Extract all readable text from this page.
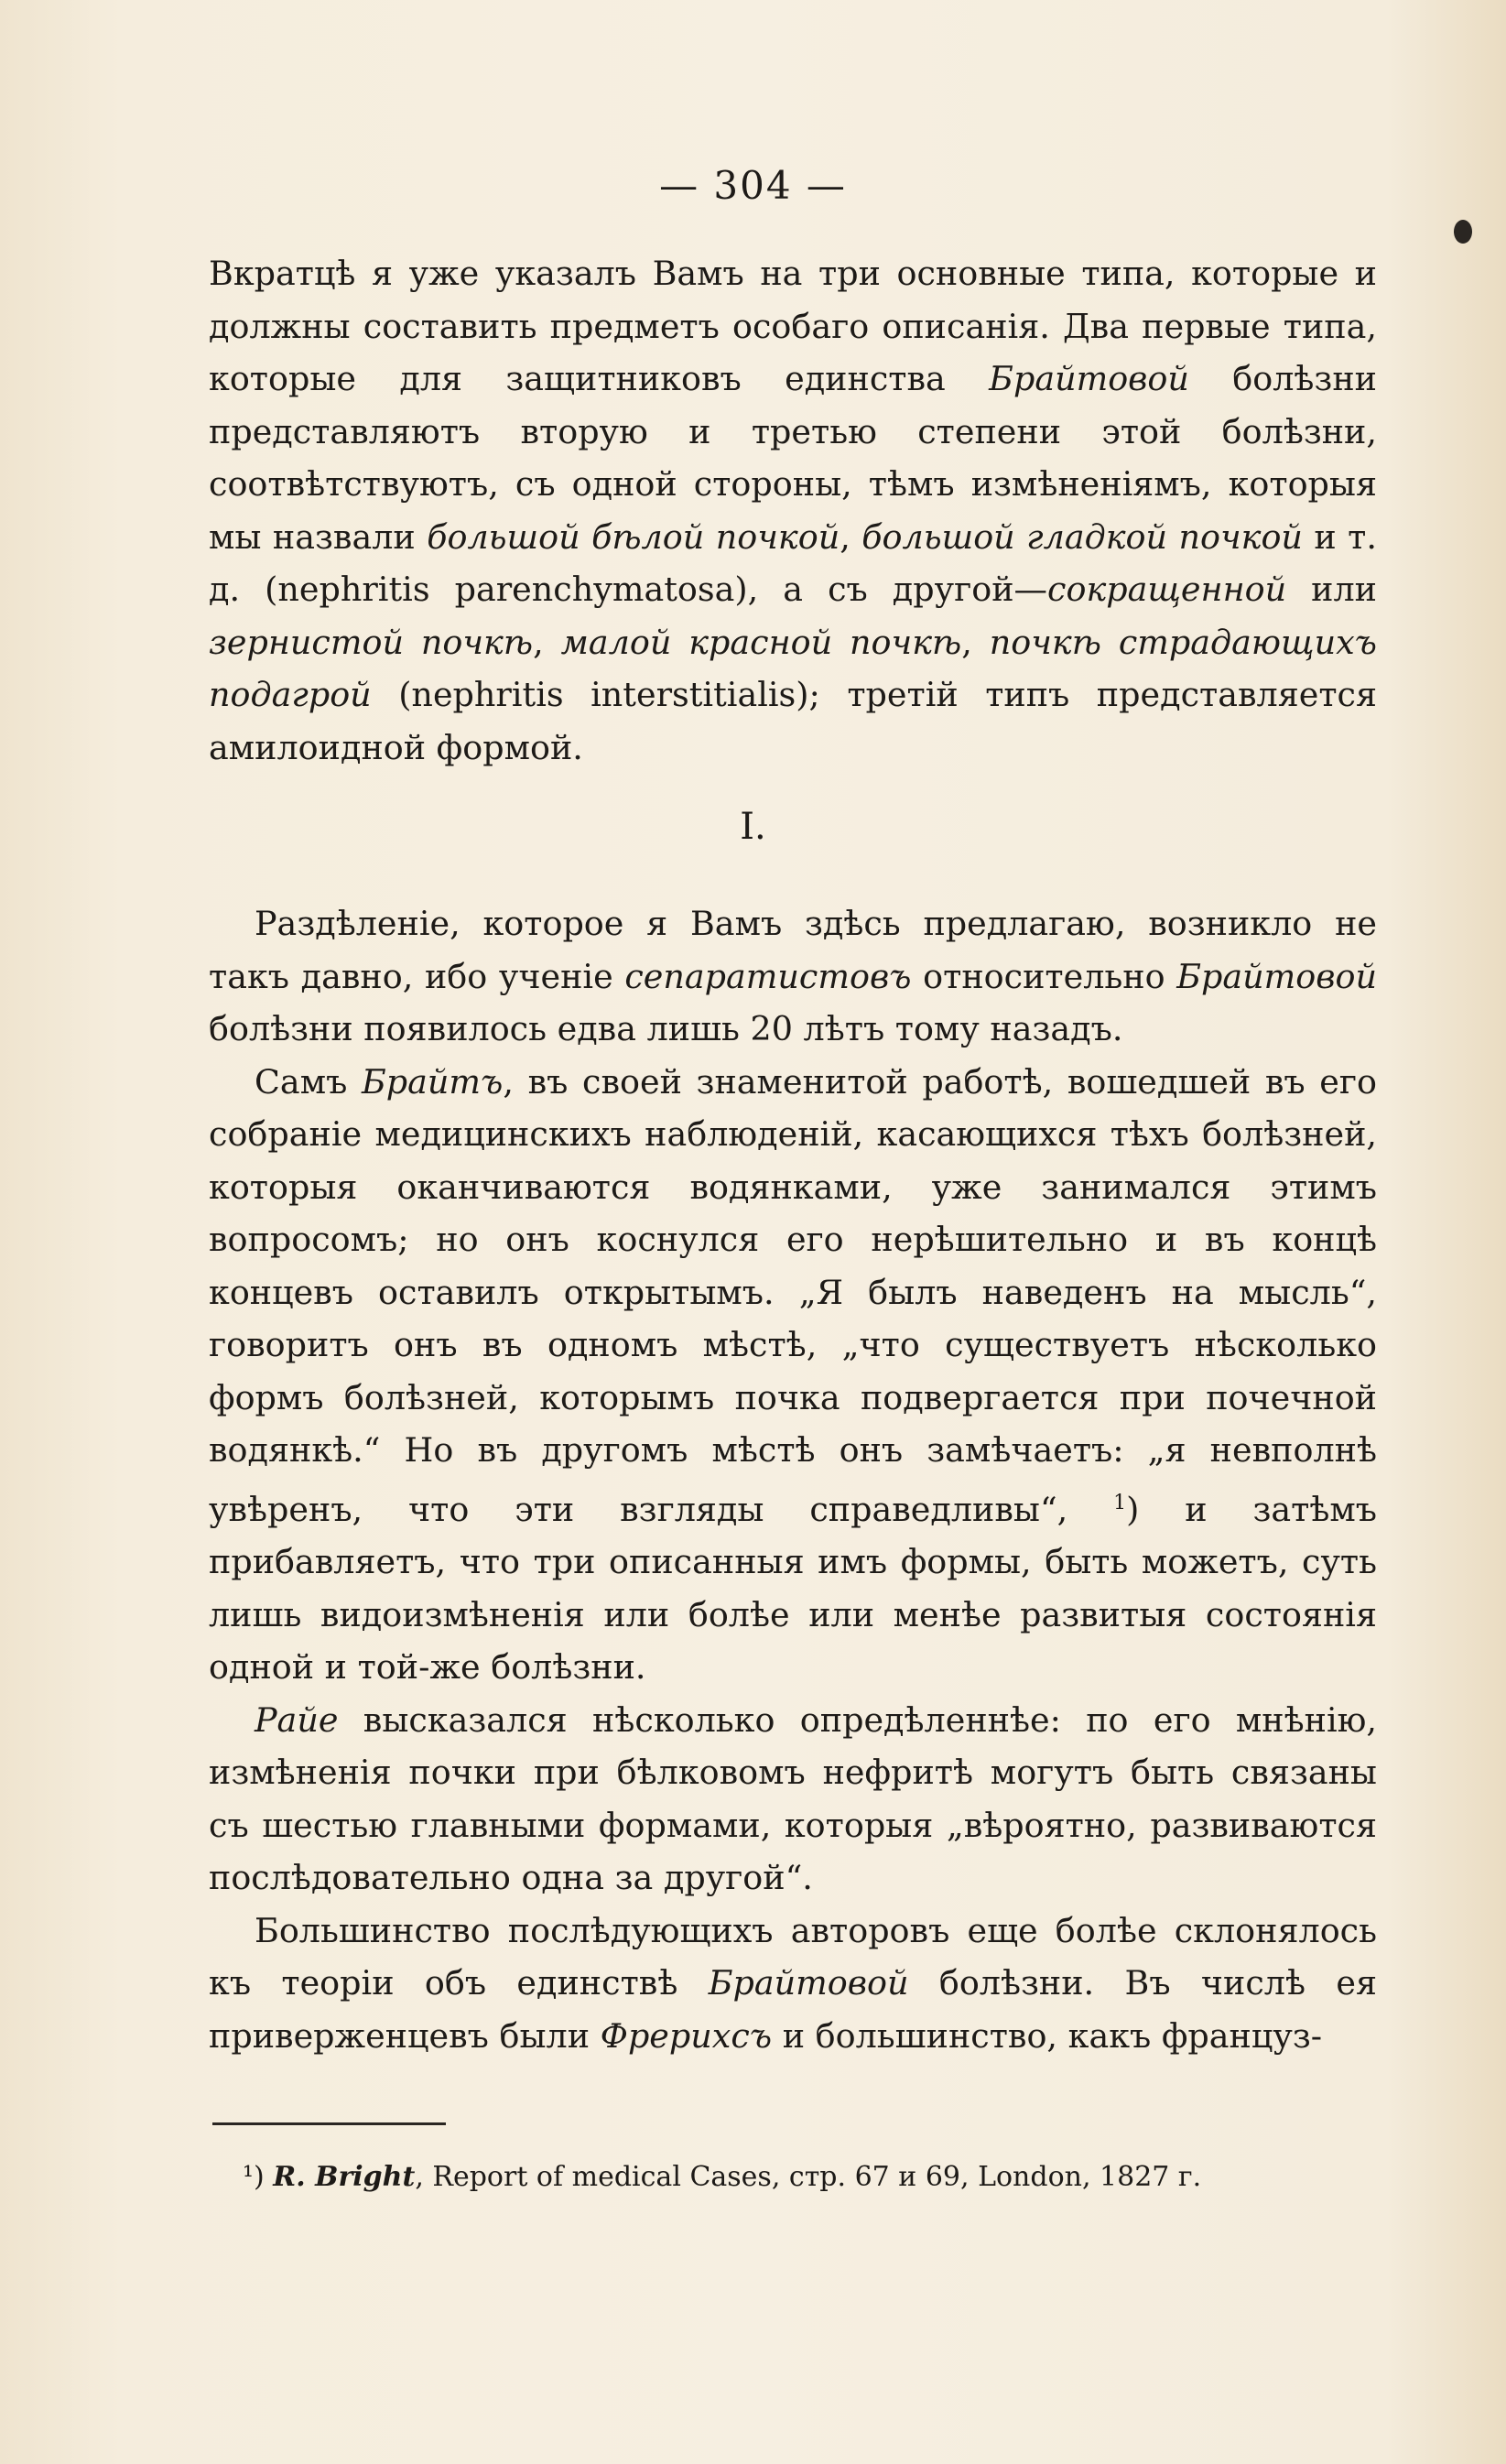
— 304 —

Вкратцѣ я уже указалъ Вамъ на три основные типа, которые и должны составить предметъ особаго описанія. Два первые типа, которые для защитниковъ единства Брайтовой болѣзни представляютъ вторую и третью степени этой болѣзни, соотвѣтствуютъ, съ одной стороны, тѣмъ измѣненіямъ, которыя мы назвали большой бѣлой почкой, большой гладкой почкой и т. д. (nephritis parenchymatosa), а съ другой—сокращенной или зернистой почкѣ, малой красной почкѣ, почкѣ страдающихъ подагрой (nephritis interstitialis); третій типъ представляется амилоидной формой.

I.

Раздѣленіе, которое я Вамъ здѣсь предлагаю, возникло не такъ давно, ибо ученіе сепаратистовъ относительно Брайтовой болѣзни появилось едва лишь 20 лѣтъ тому назадъ.

Самъ Брайтъ, въ своей знаменитой работѣ, вошедшей въ его собраніе медицинскихъ наблюденій, касающихся тѣхъ болѣзней, которыя оканчиваются водянками, уже занимался этимъ вопросомъ; но онъ коснулся его нерѣшительно и въ концѣ концевъ оставилъ открытымъ. „Я былъ наведенъ на мысль“, говоритъ онъ въ одномъ мѣстѣ, „что существуетъ нѣсколько формъ болѣзней, которымъ почка подвергается при почечной водянкѣ.“ Но въ другомъ мѣстѣ онъ замѣчаетъ: „я невполнѣ увѣренъ, что эти взгляды справедливы“, $^1$) и затѣмъ прибавляетъ, что три описанныя имъ формы, быть можетъ, суть лишь видоизмѣненія или болѣе или менѣе развитыя состоянія одной и той-же болѣзни.

Райе высказался нѣсколько опредѣленнѣе: по его мнѣнію, измѣненія почки при бѣлковомъ нефритѣ могутъ быть связаны съ шестью главными формами, которыя „вѣроятно, развиваются послѣдовательно одна за другой“.

Большинство послѣдующихъ авторовъ еще болѣе склонялось къ теоріи объ единствѣ Брайтовой болѣзни. Въ числѣ ея приверженцевъ были Фрерихсъ и большинство, какъ француз-

¹) R. Bright, Report of medical Cases, стр. 67 и 69, London, 1827 г.
